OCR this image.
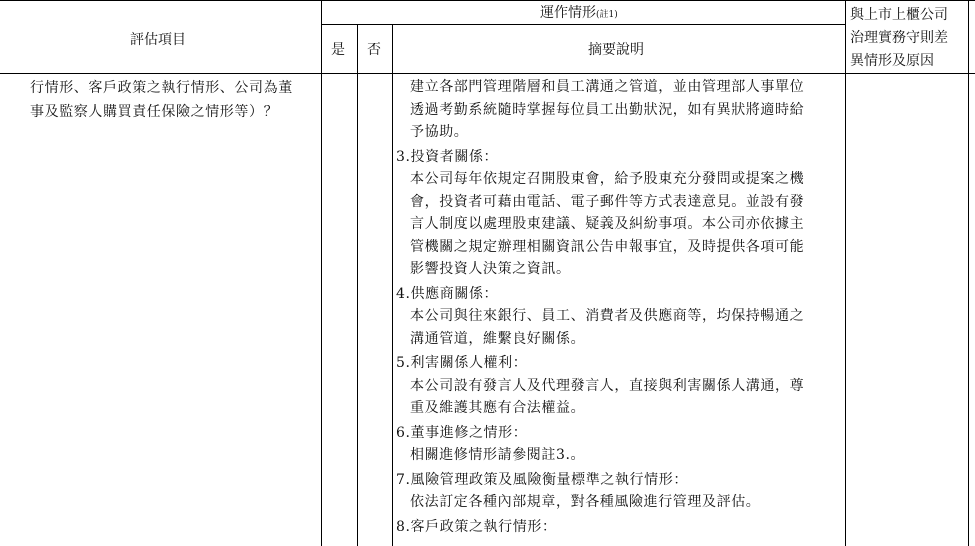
評估項目
運作情形(註1)
是 否	摘要說明
與上市上櫃公司
治理實務守則差
異情形及原因
行情形、客戶政策之執行情形、公司為董
事及監察人購買責任保險之情形等）？
建立各部門管理階層和員工溝通之管道，並由管理部人事單位
透過考勤系統隨時掌握每位員工出勤狀況，如有異狀將適時給
予協助。
3.投資者關係：
本公司每年依規定召開股東會，給予股東充分發問或提案之機
會，投資者可藉由電話、電子郵件等方式表達意見。並設有發
言人制度以處理股東建議、疑義及糾紛事項。本公司亦依據主
管機關之規定辦理相關資訊公告申報事宜，及時提供各項可能
影響投資人決策之資訊。
4.供應商關係：
本公司與往來銀行、員工、消費者及供應商等，均保持暢通之
溝通管道，維繫良好關係。
5.利害關係人權利：
本公司設有發言人及代理發言人，直接與利害關係人溝通，尊
重及維護其應有合法權益。
6.董事進修之情形：
相關進修情形請參閱註3.。
7.風險管理政策及風險衡量標準之執行情形：
依法訂定各種內部規章，對各種風險進行管理及評估。
8.客戶政策之執行情形：
